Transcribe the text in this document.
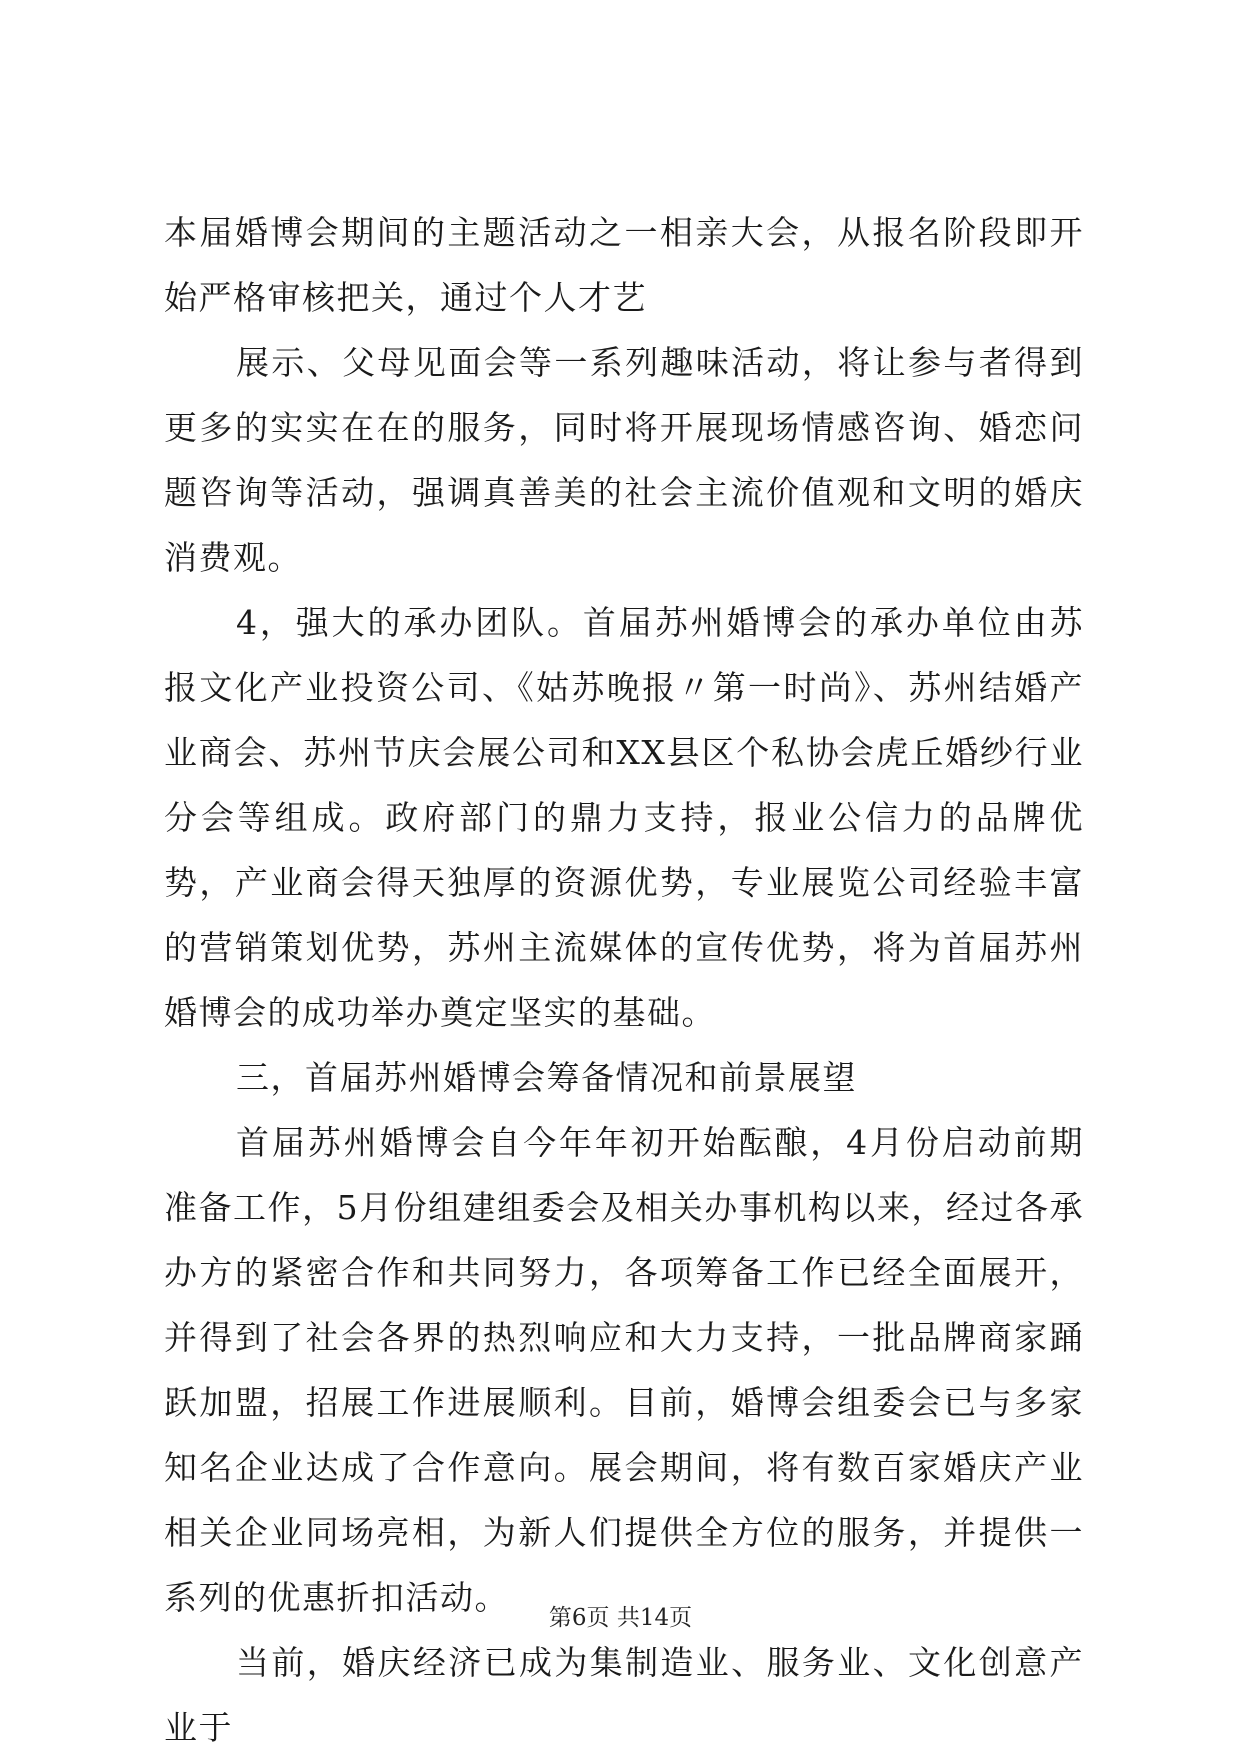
本届婚博会期间的主题活动之一相亲大会，从报名阶段即开始严格审核把关，通过个人才艺

展示、父母见面会等一系列趣味活动，将让参与者得到更多的实实在在的服务，同时将开展现场情感咨询、婚恋问题咨询等活动，强调真善美的社会主流价值观和文明的婚庆消费观。

4，强大的承办团队。首届苏州婚博会的承办单位由苏报文化产业投资公司、《姑苏晚报〃第一时尚》、苏州结婚产业商会、苏州节庆会展公司和XX县区个私协会虎丘婚纱行业分会等组成。政府部门的鼎力支持，报业公信力的品牌优势，产业商会得天独厚的资源优势，专业展览公司经验丰富的营销策划优势，苏州主流媒体的宣传优势，将为首届苏州婚博会的成功举办奠定坚实的基础。

三，首届苏州婚博会筹备情况和前景展望

首届苏州婚博会自今年年初开始酝酿，4月份启动前期准备工作，5月份组建组委会及相关办事机构以来，经过各承办方的紧密合作和共同努力，各项筹备工作已经全面展开，并得到了社会各界的热烈响应和大力支持，一批品牌商家踊跃加盟，招展工作进展顺利。目前，婚博会组委会已与多家知名企业达成了合作意向。展会期间，将有数百家婚庆产业相关企业同场亮相，为新人们提供全方位的服务，并提供一系列的优惠折扣活动。

当前，婚庆经济已成为集制造业、服务业、文化创意产业于

第6页 共14页
